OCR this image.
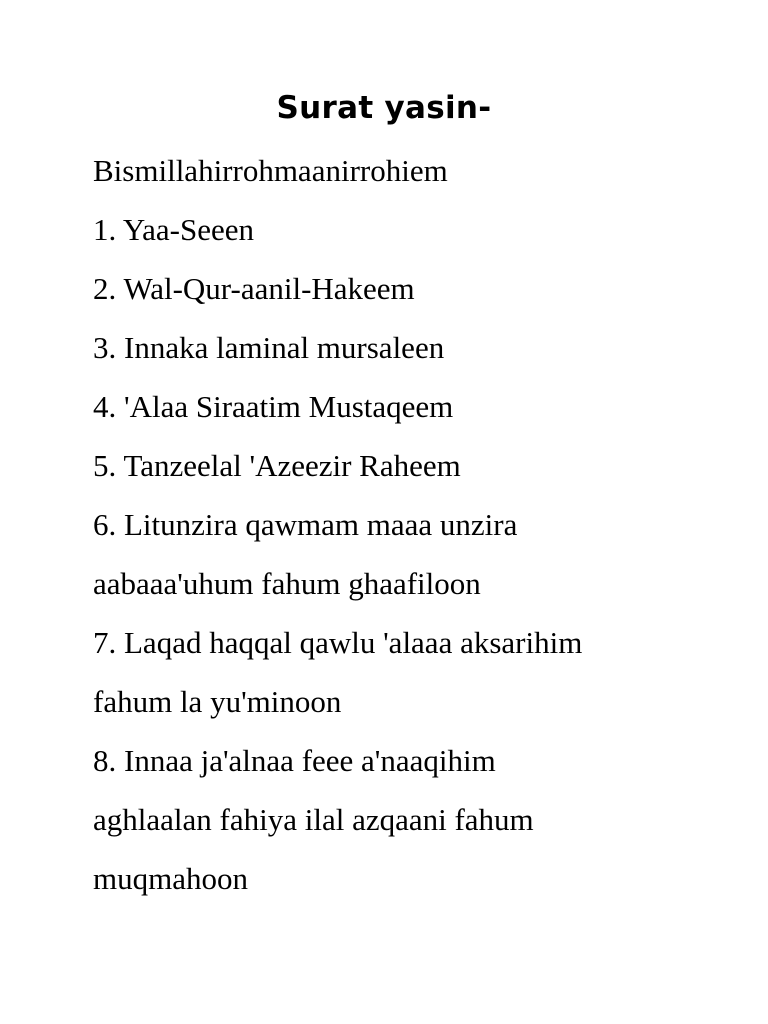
Surat yasin-
Bismillahirrohmaanirrohiem
1. Yaa-Seeen
2. Wal-Qur-aanil-Hakeem
3. Innaka laminal mursaleen
4. 'Alaa Siraatim Mustaqeem
5. Tanzeelal 'Azeezir Raheem
6. Litunzira qawmam maaa unzira
aabaaa'uhum fahum ghaafiloon
7. Laqad haqqal qawlu 'alaaa aksarihim
fahum la yu'minoon
8. Innaa ja'alnaa feee a'naaqihim
aghlaalan fahiya ilal azqaani fahum
muqmahoon
